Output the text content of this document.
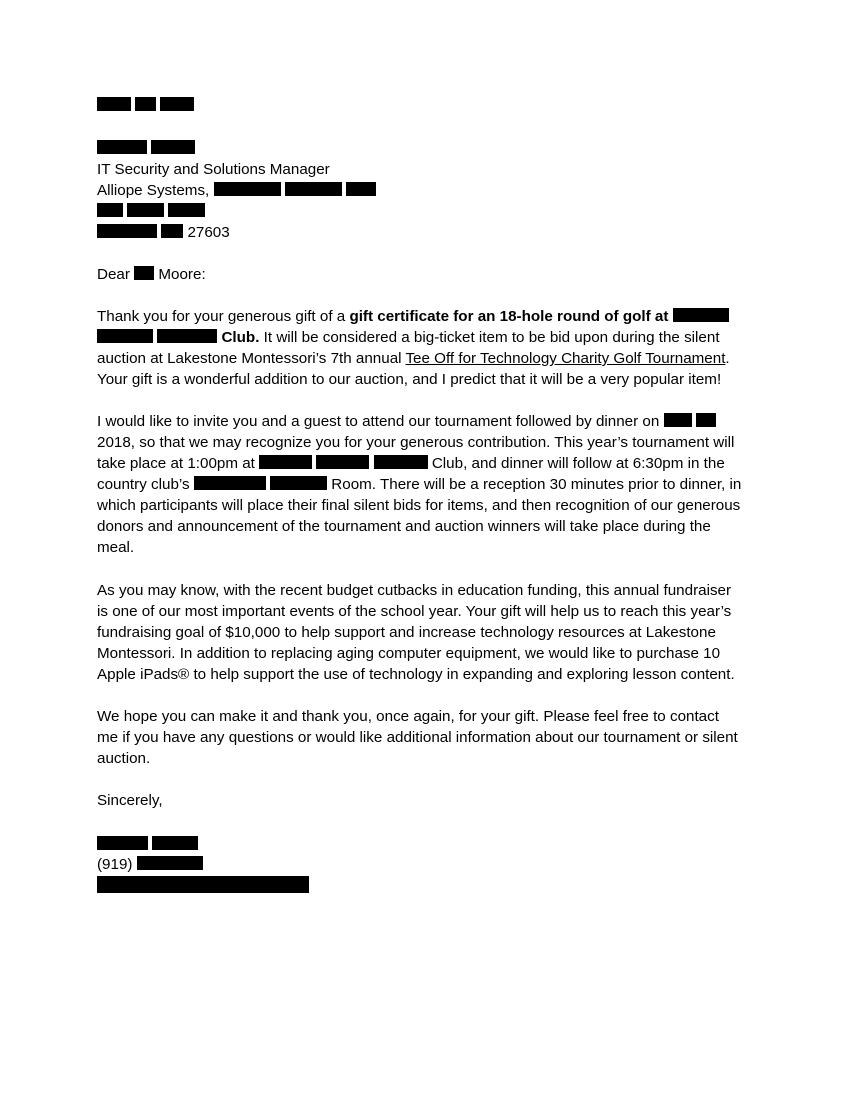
IT Security and Solutions Manager
Alliope Systems,

27603
Dear Moore:

Thank you for your generous gift of a gift certificate for an 18-hole round of golf at

Club. It will be considered a big-ticket item to be bid upon during the silent

auction at Lakestone Montessori’s 7th annual Tee Off for Technology Charity Golf Tournament.

Your gift is a wonderful addition to our auction, and I predict that it will be a very popular item!

I would like to invite you and a guest to attend our tournament followed by dinner on

2018, so that we may recognize you for your generous contribution. This year’s tournament will

take place at 1:00pm at	Club, and dinner will follow at 6:30pm in the

country club’s	Room. There will be a reception 30 minutes prior to dinner, in

which participants will place their final silent bids for items, and then recognition of our generous

donors and announcement of the tournament and auction winners will take place during the

meal.

As you may know, with the recent budget cutbacks in education funding, this annual fundraiser

is one of our most important events of the school year. Your gift will help us to reach this year’s

fundraising goal of $10,000 to help support and increase technology resources at Lakestone

Montessori. In addition to replacing aging computer equipment, we would like to purchase 10

Apple iPads® to help support the use of technology in expanding and exploring lesson content.

We hope you can make it and thank you, once again, for your gift. Please feel free to contact

me if you have any questions or would like additional information about our tournament or silent

auction.

Sincerely,

(919)
